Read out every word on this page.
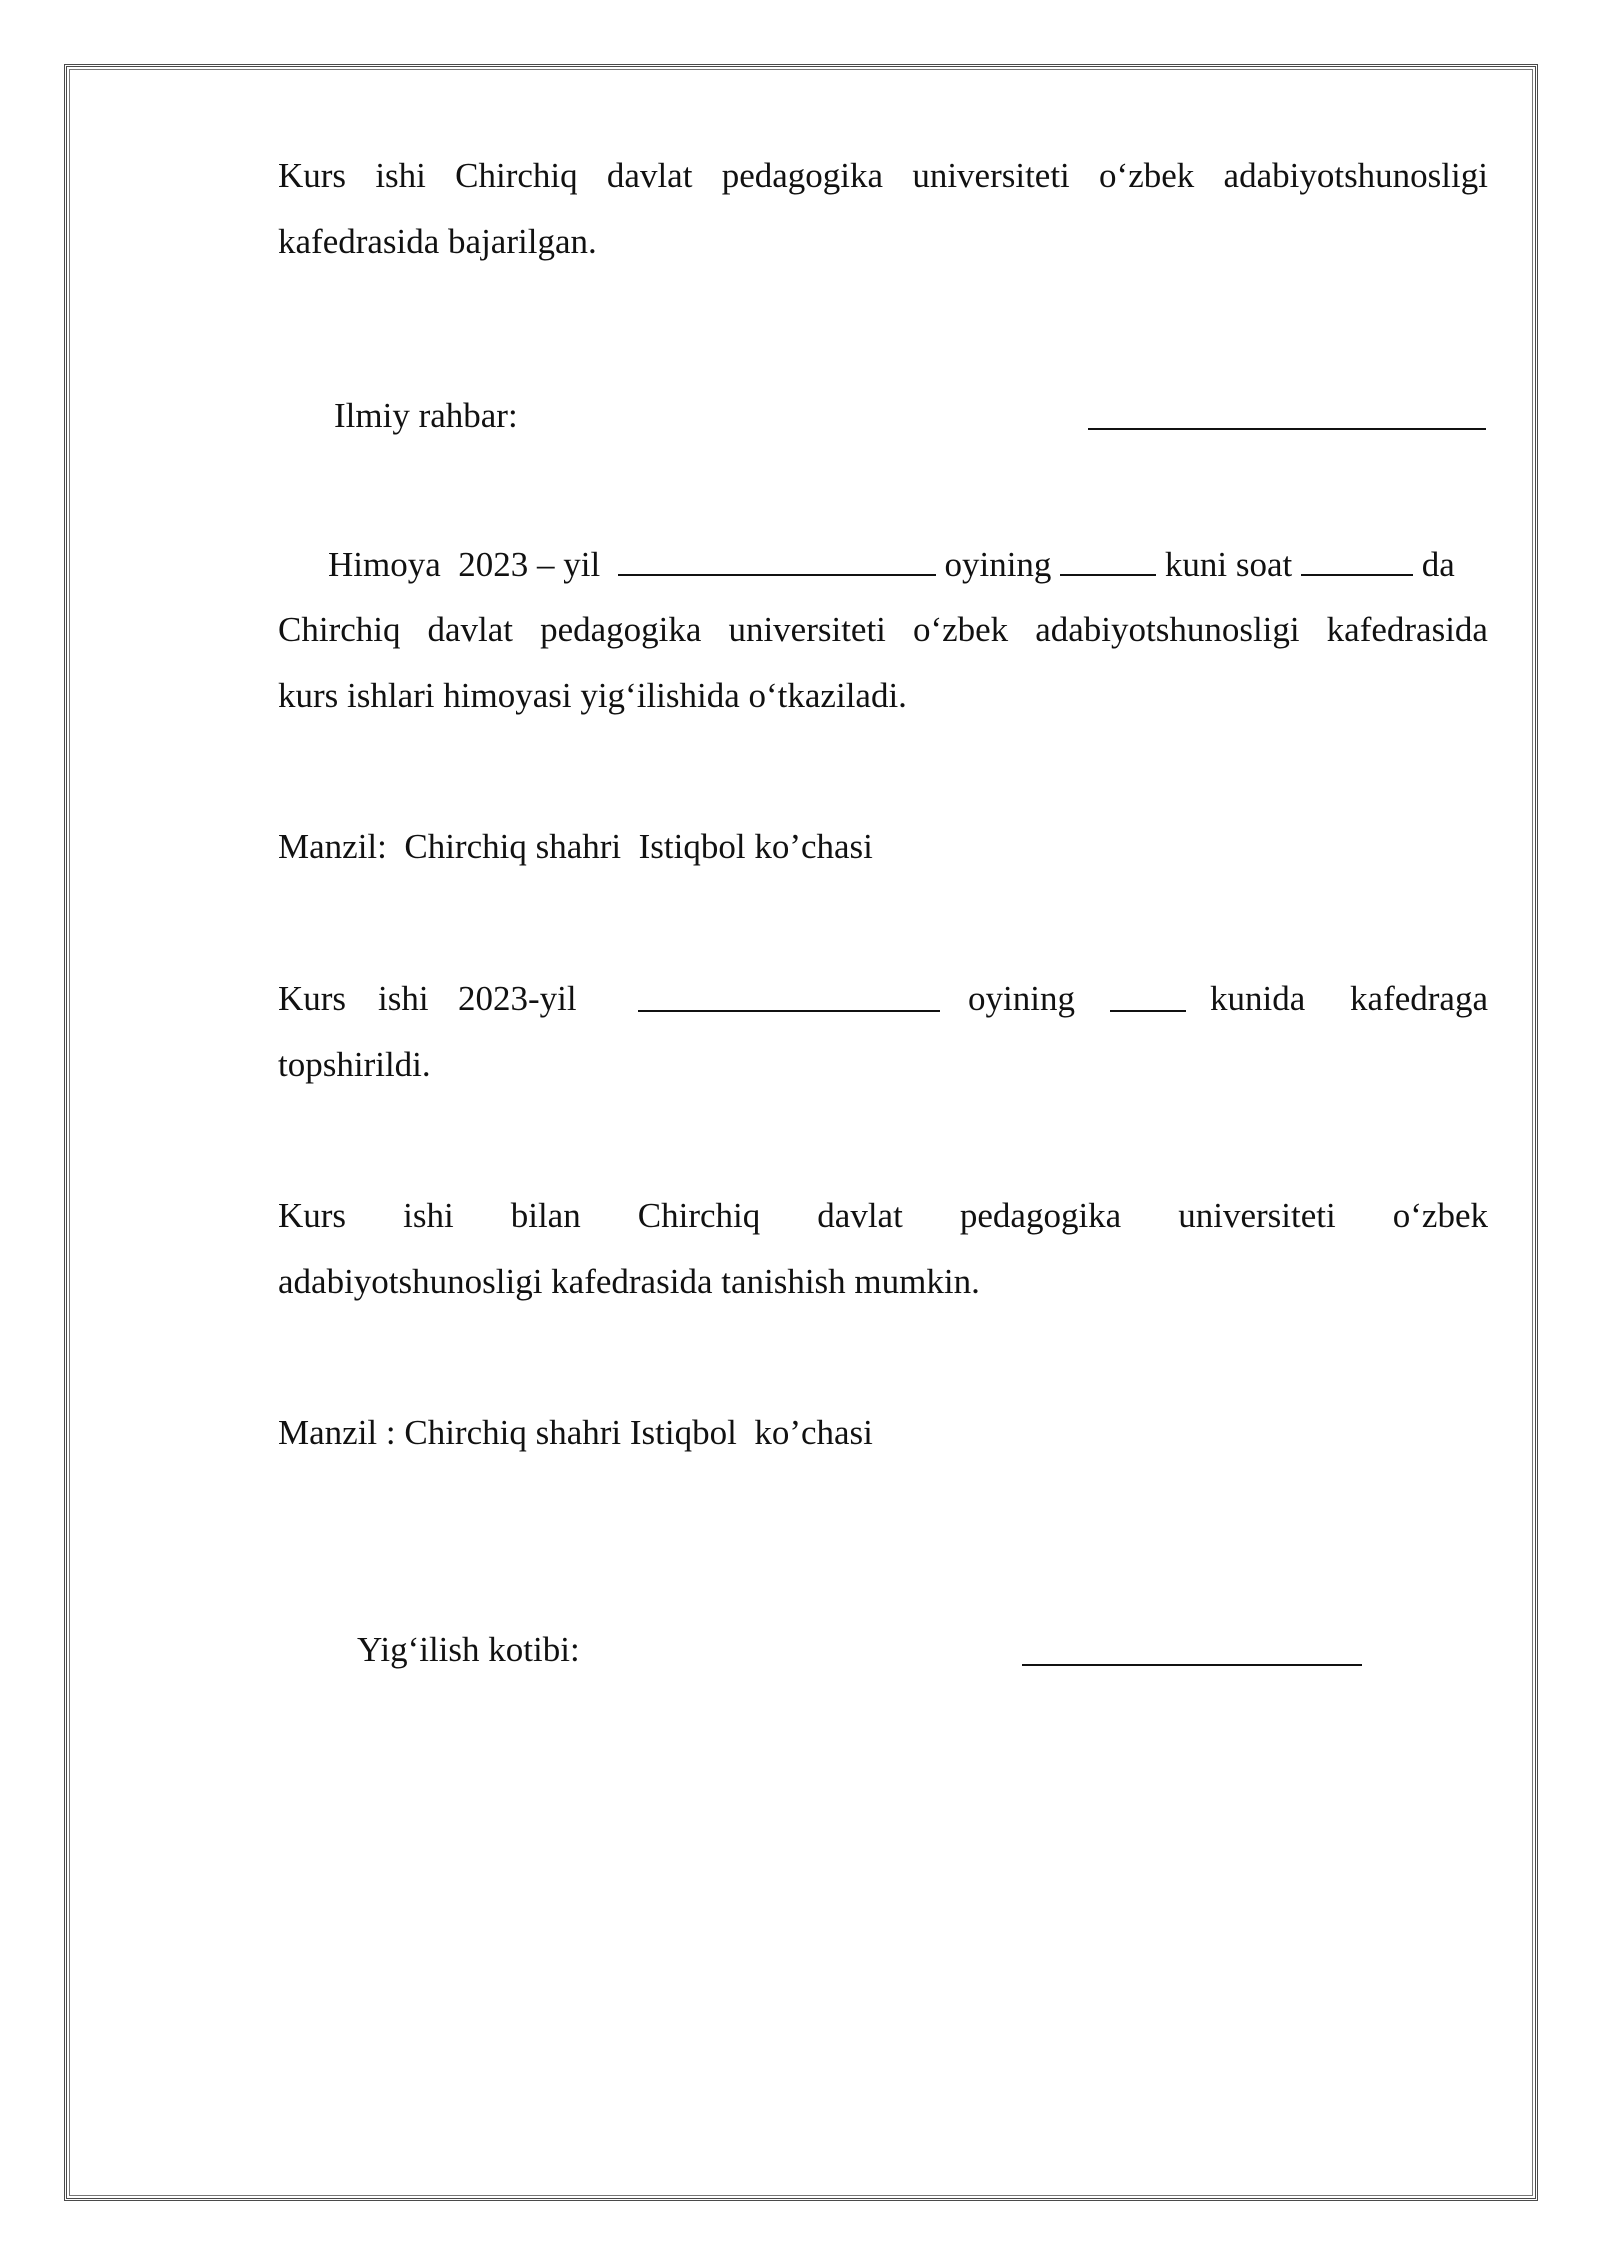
Kurs ishi Chirchiq davlat pedagogika universiteti o‘zbek adabiyotshunosligi
kafedrasida bajarilgan.
Ilmiy rahbar:
Himoya 2023 – yil	oyining	kuni soat	da
Chirchiq davlat pedagogika universiteti o‘zbek adabiyotshunosligi kafedrasida
kurs ishlari himoyasi yig‘ilishida o‘tkaziladi.
Manzil:  Chirchiq shahri  Istiqbol ko’chasi
Kurs ishi 2023-yil	oyining	kunida kafedraga
topshirildi.
Kurs ishi bilan Chirchiq davlat pedagogika universiteti o‘zbek
adabiyotshunosligi kafedrasida tanishish mumkin.
Manzil : Chirchiq shahri Istiqbol  ko’chasi
Yig‘ilish kotibi:
